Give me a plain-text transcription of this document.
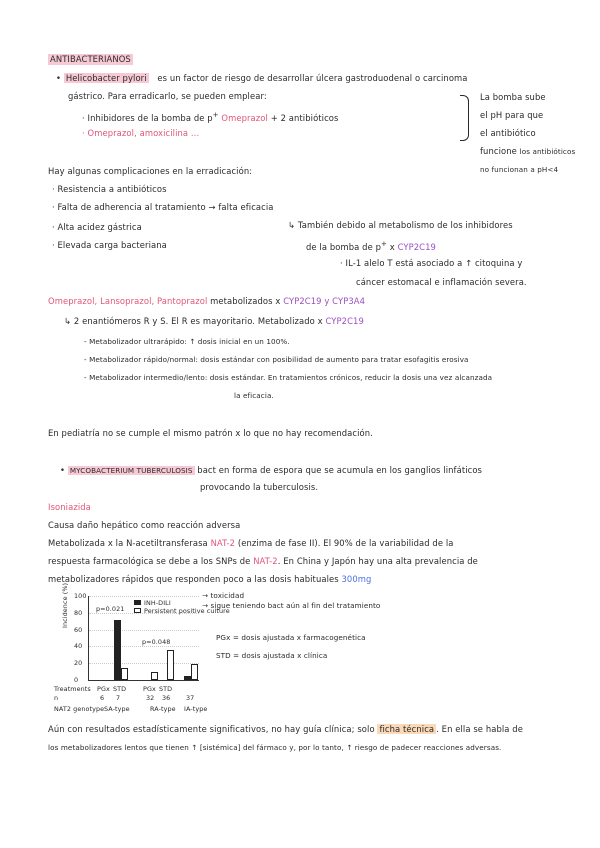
ANTIBACTERIANOS
• Helicobacter pylori es un factor de riesgo de desarrollar úlcera gastroduodenal o carcinoma
gástrico. Para erradicarlo, se pueden emplear:
· Inhibidores de la bomba de p+ Omeprazol + 2 antibióticos
· Omeprazol, amoxicilina ...
La bomba sube
el pH para que
el antibiótico
funcione los antibióticos
no funcionan a pH<4
Hay algunas complicaciones en la erradicación:
· Resistencia a antibióticos
· Falta de adherencia al tratamiento → falta eficacia
· Alta acidez gástrica
· Elevada carga bacteriana
↳ También debido al metabolismo de los inhibidores
de la bomba de p+ x CYP2C19
· IL-1 alelo T está asociado a ↑ citoquina y
cáncer estomacal e inflamación severa.
Omeprazol, Lansoprazol, Pantoprazol metabolizados x CYP2C19 y CYP3A4
↳ 2 enantiómeros R y S. El R es mayoritario. Metabolizado x CYP2C19
- Metabolizador ultrarápido: ↑ dosis inicial en un 100%.
- Metabolizador rápido/normal: dosis estándar con posibilidad de aumento para tratar esofagitis erosiva
- Metabolizador intermedio/lento: dosis estándar. En tratamientos crónicos, reducir la dosis una vez alcanzada
la eficacia.
En pediatría no se cumple el mismo patrón x lo que no hay recomendación.
• MYCOBACTERIUM TUBERCULOSIS bact en forma de espora que se acumula en los ganglios linfáticos
provocando la tuberculosis.
Isoniazida
Causa daño hepático como reacción adversa
Metabolizada x la N-acetiltransferasa NAT-2 (enzima de fase II). El 90% de la variabilidad de la
respuesta farmacológica se debe a los SNPs de NAT-2. En China y Japón hay una alta prevalencia de
metabolizadores rápidos que responden poco a las dosis habituales 300mg
Incidence (%) 100
80
60
40
20
0
INH-DILI
Persistent positive culture
p=0.021
p=0.048
Treatments
n
NAT2 genotype
PGx
6
STD
7
PGx
32
STD
36 37
SA-type	RA-type IA-type
→ toxicidad
→ sigue teniendo bact aún al fin del tratamiento
PGx = dosis ajustada x farmacogenética
STD = dosis ajustada x clínica
Aún con resultados estadísticamente significativos, no hay guía clínica; solo ficha técnica . En ella se habla de
los metabolizadores lentos que tienen ↑ [sistémica] del fármaco y, por lo tanto, ↑ riesgo de padecer reacciones adversas.
